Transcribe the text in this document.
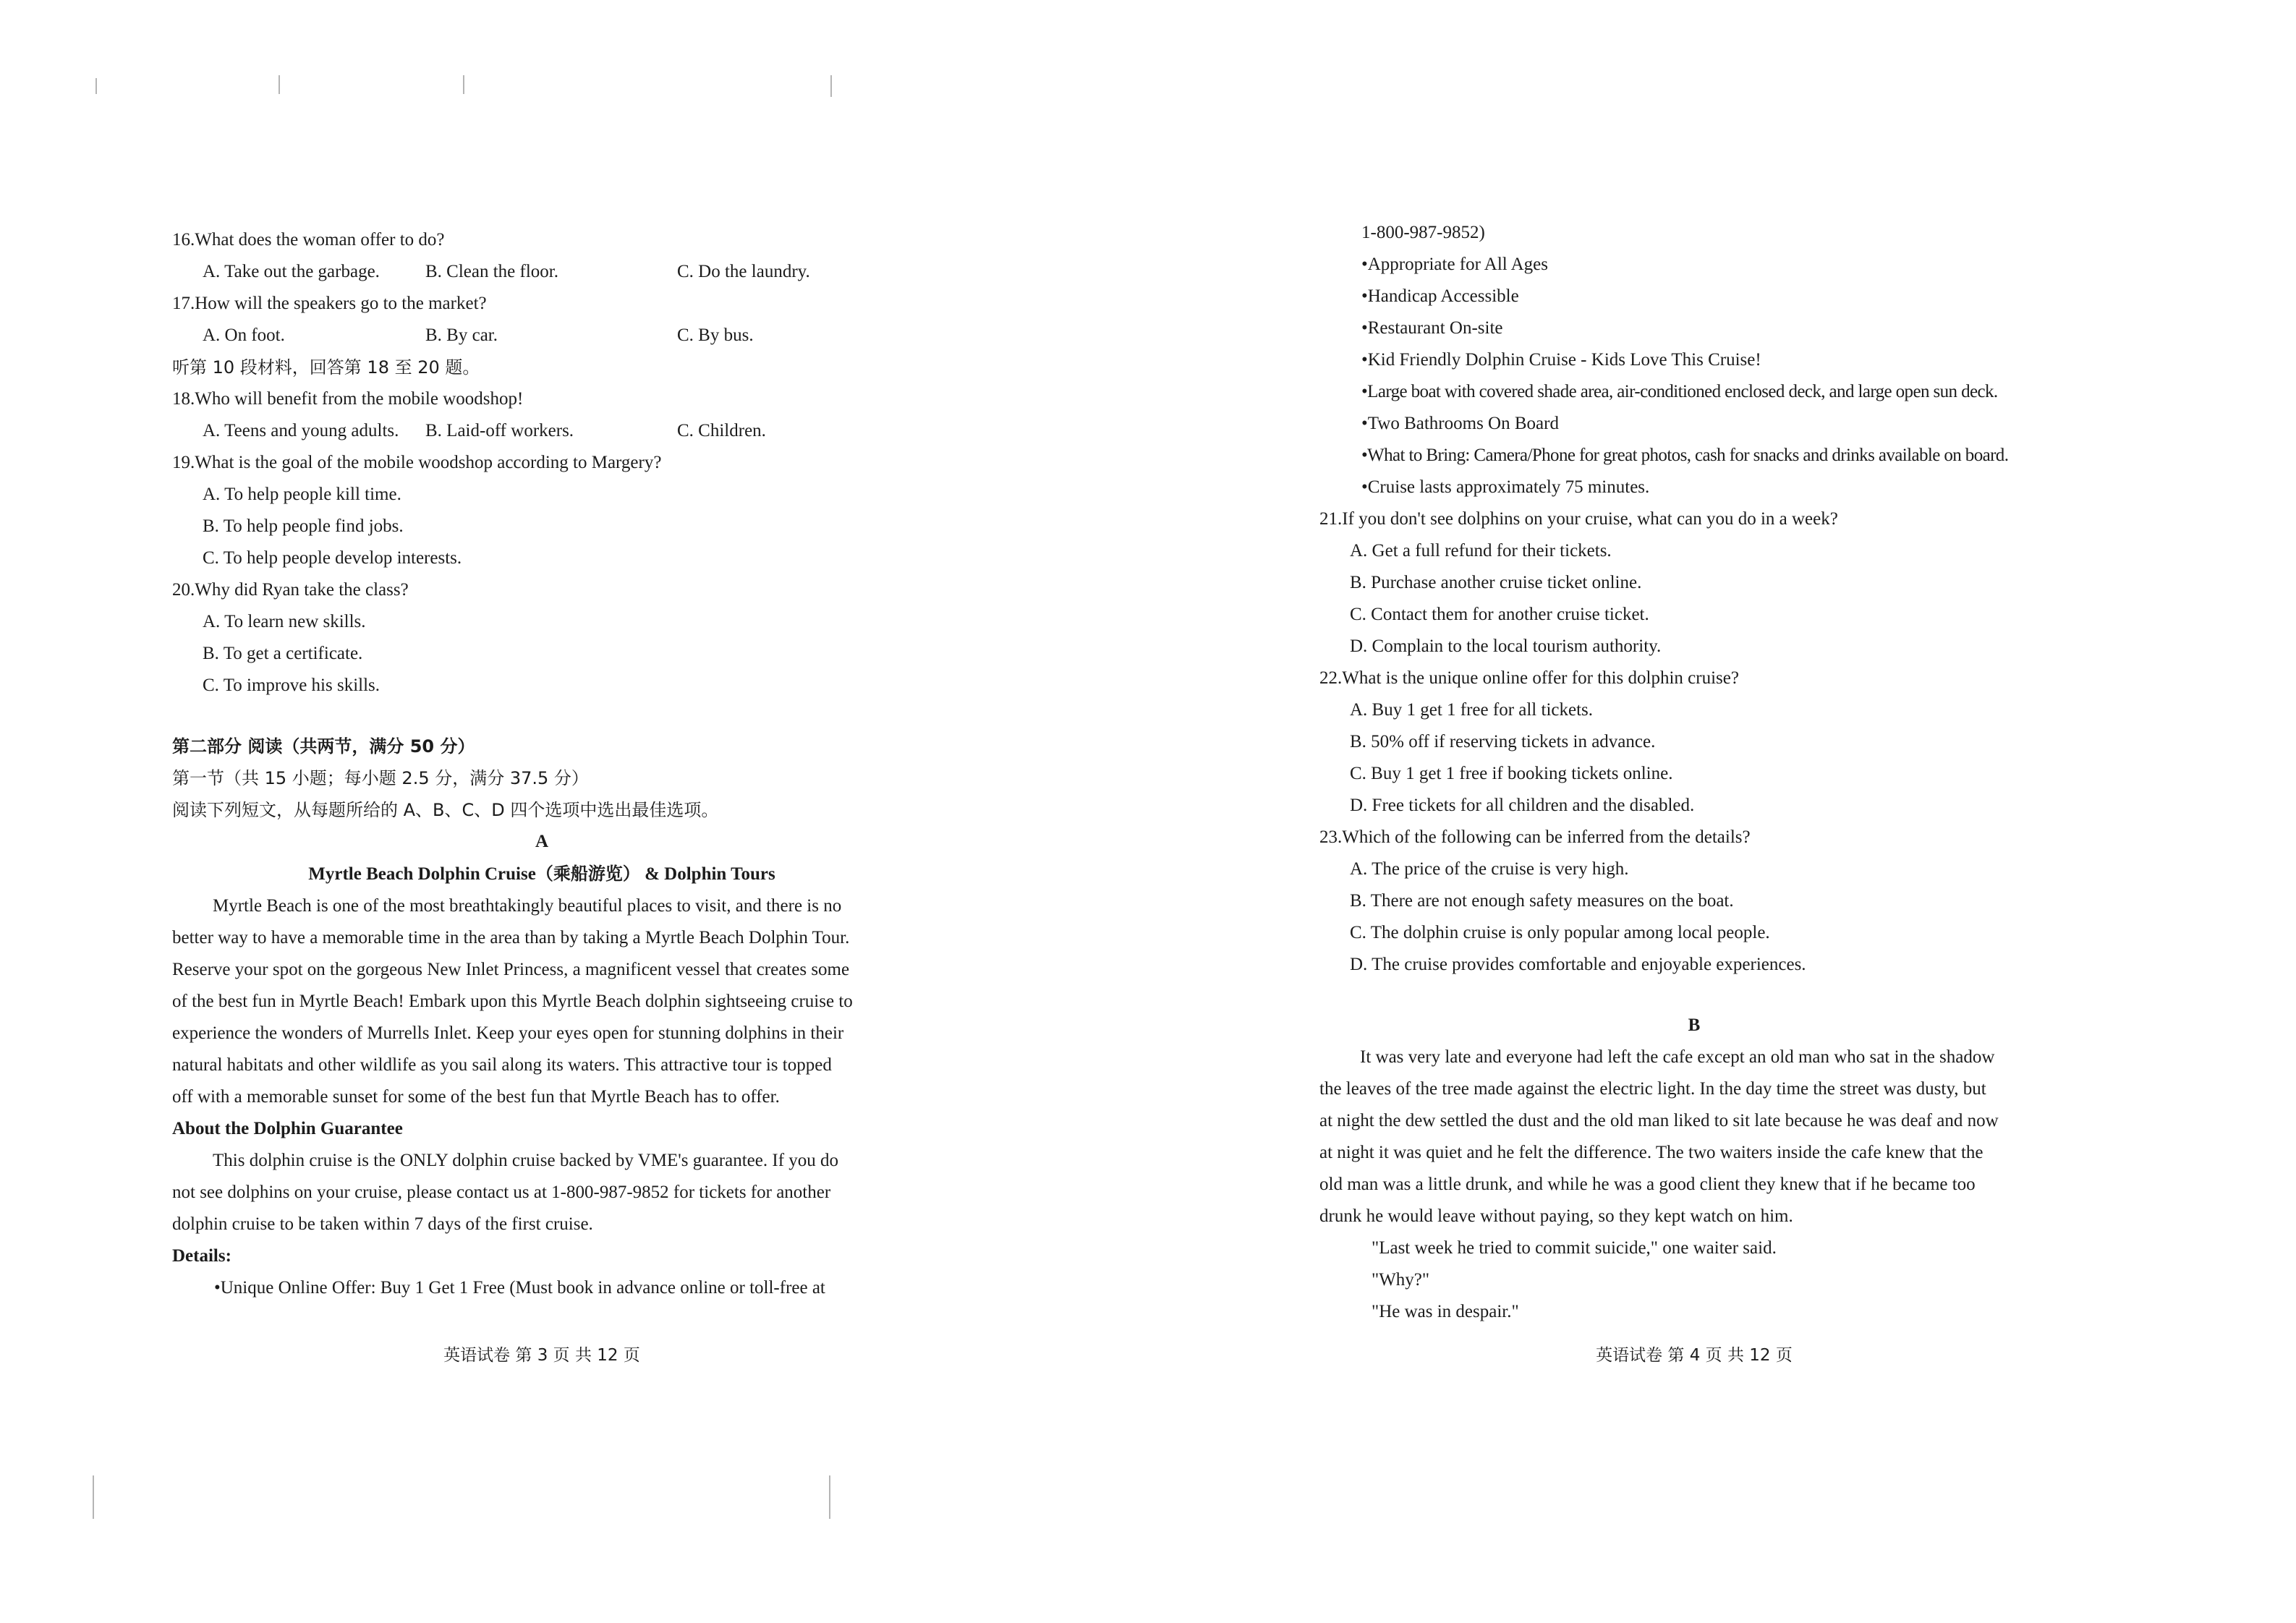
16.What does the woman offer to do?
A. Take out the garbage.	B. Clean the floor.	C. Do the laundry.
17.How will the speakers go to the market?
A. On foot.	B. By car.	C. By bus.
听第 10 段材料，回答第 18 至 20 题。
18.Who will benefit from the mobile woodshop!
A. Teens and young adults.	B. Laid-off workers.	C. Children.
19.What is the goal of the mobile woodshop according to Margery?
A. To help people kill time.
B. To help people find jobs.
C. To help people develop interests.
20.Why did Ryan take the class?
A. To learn new skills.
B. To get a certificate.
C. To improve his skills.
第二部分 阅读（共两节，满分 50 分）
第一节（共 15 小题；每小题 2.5 分，满分 37.5 分）
阅读下列短文，从每题所给的 A、B、C、D 四个选项中选出最佳选项。
A
Myrtle Beach Dolphin Cruise（乘船游览） & Dolphin Tours
Myrtle Beach is one of the most breathtakingly beautiful places to visit, and there is no
better way to have a memorable time in the area than by taking a Myrtle Beach Dolphin Tour.
Reserve your spot on the gorgeous New Inlet Princess, a magnificent vessel that creates some
of the best fun in Myrtle Beach! Embark upon this Myrtle Beach dolphin sightseeing cruise to
experience the wonders of Murrells Inlet. Keep your eyes open for stunning dolphins in their
natural habitats and other wildlife as you sail along its waters. This attractive tour is topped
off with a memorable sunset for some of the best fun that Myrtle Beach has to offer.
About the Dolphin Guarantee
This dolphin cruise is the ONLY dolphin cruise backed by VME's guarantee. If you do
not see dolphins on your cruise, please contact us at 1-800-987-9852 for tickets for another
dolphin cruise to be taken within 7 days of the first cruise.
Details:
•Unique Online Offer: Buy 1 Get 1 Free (Must book in advance online or toll-free at
英语试卷 第 3 页 共 12 页
1-800-987-9852)
•Appropriate for All Ages
•Handicap Accessible
•Restaurant On-site
•Kid Friendly Dolphin Cruise - Kids Love This Cruise!
•Large boat with covered shade area, air-conditioned enclosed deck, and large open sun deck.
•Two Bathrooms On Board
•What to Bring: Camera/Phone for great photos, cash for snacks and drinks available on board.
•Cruise lasts approximately 75 minutes.
21.If you don't see dolphins on your cruise, what can you do in a week?
A. Get a full refund for their tickets.
B. Purchase another cruise ticket online.
C. Contact them for another cruise ticket.
D. Complain to the local tourism authority.
22.What is the unique online offer for this dolphin cruise?
A. Buy 1 get 1 free for all tickets.
B. 50% off if reserving tickets in advance.
C. Buy 1 get 1 free if booking tickets online.
D. Free tickets for all children and the disabled.
23.Which of the following can be inferred from the details?
A. The price of the cruise is very high.
B. There are not enough safety measures on the boat.
C. The dolphin cruise is only popular among local people.
D. The cruise provides comfortable and enjoyable experiences.
B
It was very late and everyone had left the cafe except an old man who sat in the shadow
the leaves of the tree made against the electric light. In the day time the street was dusty, but
at night the dew settled the dust and the old man liked to sit late because he was deaf and now
at night it was quiet and he felt the difference. The two waiters inside the cafe knew that the
old man was a little drunk, and while he was a good client they knew that if he became too
drunk he would leave without paying, so they kept watch on him.
"Last week he tried to commit suicide," one waiter said.
"Why?"
"He was in despair."
英语试卷 第 4 页 共 12 页
